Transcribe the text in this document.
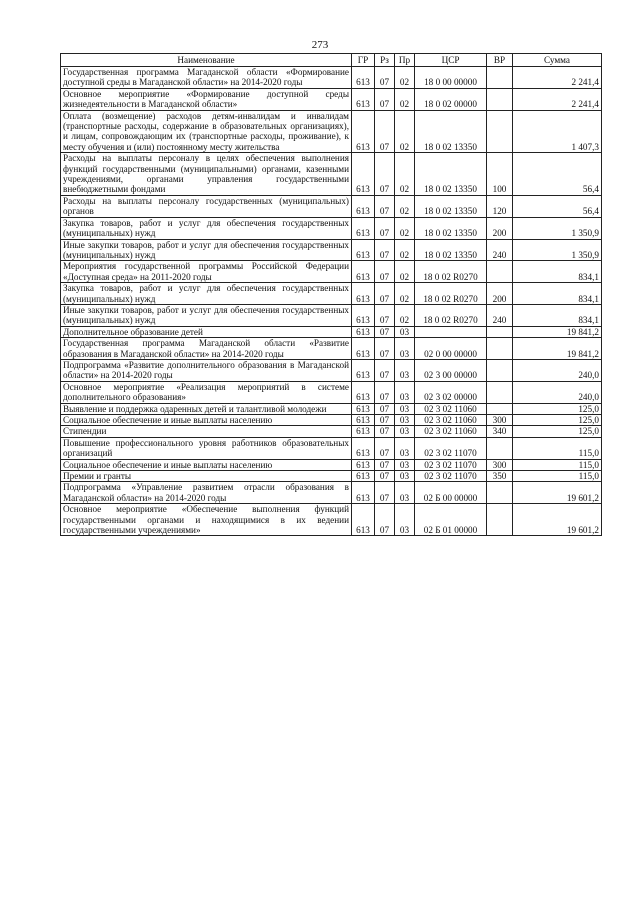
273
Наименование	ГР	Рз	Пр	ЦСР	ВР	Сумма
Государственная программа Магаданской области «Формирование доступной среды в Магаданской области» на 2014-2020 годы	613	07	02	18 0 00 00000		2 241,4
Основное мероприятие «Формирование доступной среды жизнедеятельности в Магаданской области»	613	07	02	18 0 02 00000		2 241,4
Оплата (возмещение) расходов детям-инвалидам и инвалидам (транспортные расходы, содержание в образовательных организациях), и лицам, сопровождающим их (транспортные расходы, проживание), к месту обучения и (или) постоянному месту жительства	613	07	02	18 0 02 13350		1 407,3
Расходы на выплаты персоналу в целях обеспечения выполнения функций государственными (муниципальными) органами, казенными учреждениями, органами управления государственными внебюджетными фондами	613	07	02	18 0 02 13350	100	56,4
Расходы на выплаты персоналу государственных (муниципальных) органов	613	07	02	18 0 02 13350	120	56,4
Закупка товаров, работ и услуг для обеспечения государственных (муниципальных) нужд	613	07	02	18 0 02 13350	200	1 350,9
Иные закупки товаров, работ и услуг для обеспечения государственных (муниципальных) нужд	613	07	02	18 0 02 13350	240	1 350,9
Мероприятия государственной программы Российской Федерации «Доступная среда» на 2011-2020 годы	613	07	02	18 0 02 R0270		834,1
Закупка товаров, работ и услуг для обеспечения государственных (муниципальных) нужд	613	07	02	18 0 02 R0270	200	834,1
Иные закупки товаров, работ и услуг для обеспечения государственных (муниципальных) нужд	613	07	02	18 0 02 R0270	240	834,1
Дополнительное образование детей	613	07	03			19 841,2
Государственная программа Магаданской области «Развитие образования в Магаданской области» на 2014-2020 годы	613	07	03	02 0 00 00000		19 841,2
Подпрограмма «Развитие дополнительного образования в Магаданской области» на 2014-2020 годы	613	07	03	02 3 00 00000		240,0
Основное мероприятие «Реализация мероприятий в системе дополнительного образования»	613	07	03	02 3 02 00000		240,0
Выявление и поддержка одаренных детей и талантливой молодежи	613	07	03	02 3 02 11060		125,0
Социальное обеспечение и иные выплаты населению	613	07	03	02 3 02 11060	300	125,0
Стипендии	613	07	03	02 3 02 11060	340	125,0
Повышение профессионального уровня работников образовательных организаций	613	07	03	02 3 02 11070		115,0
Социальное обеспечение и иные выплаты населению	613	07	03	02 3 02 11070	300	115,0
Премии и гранты	613	07	03	02 3 02 11070	350	115,0
Подпрограмма «Управление развитием отрасли образования в Магаданской области» на 2014-2020 годы	613	07	03	02 Б 00 00000		19 601,2
Основное мероприятие «Обеспечение выполнения функций государственными органами и находящимися в их ведении государственными учреждениями»	613	07	03	02 Б 01 00000		19 601,2
